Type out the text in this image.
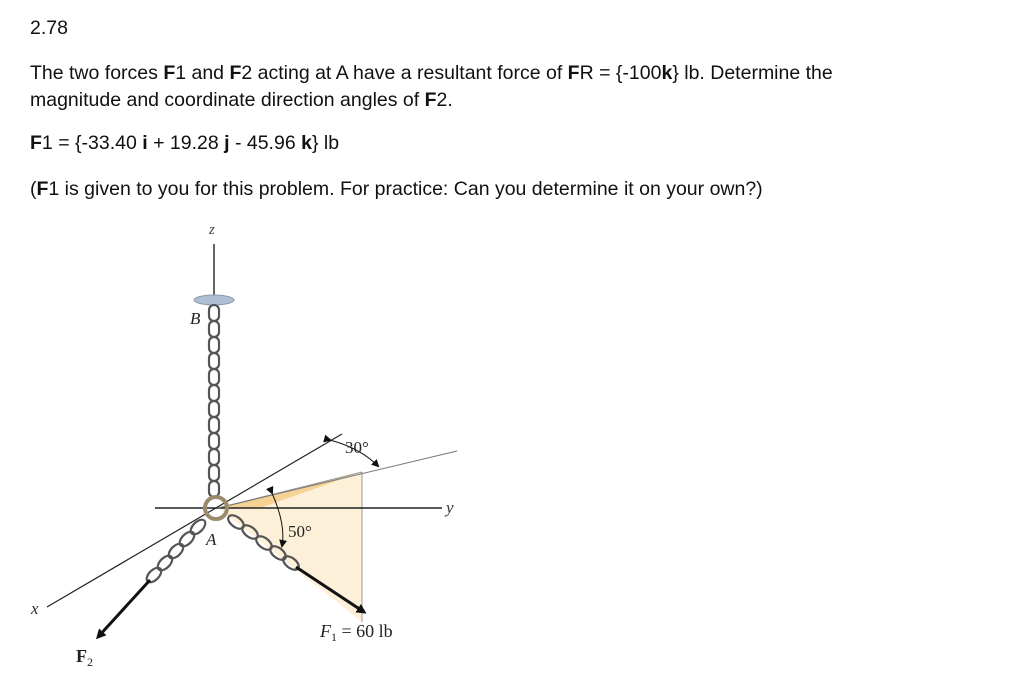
2.78
The two forces F1 and F2 acting at A have a resultant force of FR = {-100k} lb. Determine the
magnitude and coordinate direction angles of F2.
F1 = {-33.40 i + 19.28 j - 45.96 k} lb
(F1 is given to you for this problem. For practice: Can you determine it on your own?)
z
y
x
B
A
30°
50°
$F_1 = 60$ lb
$F_2$
